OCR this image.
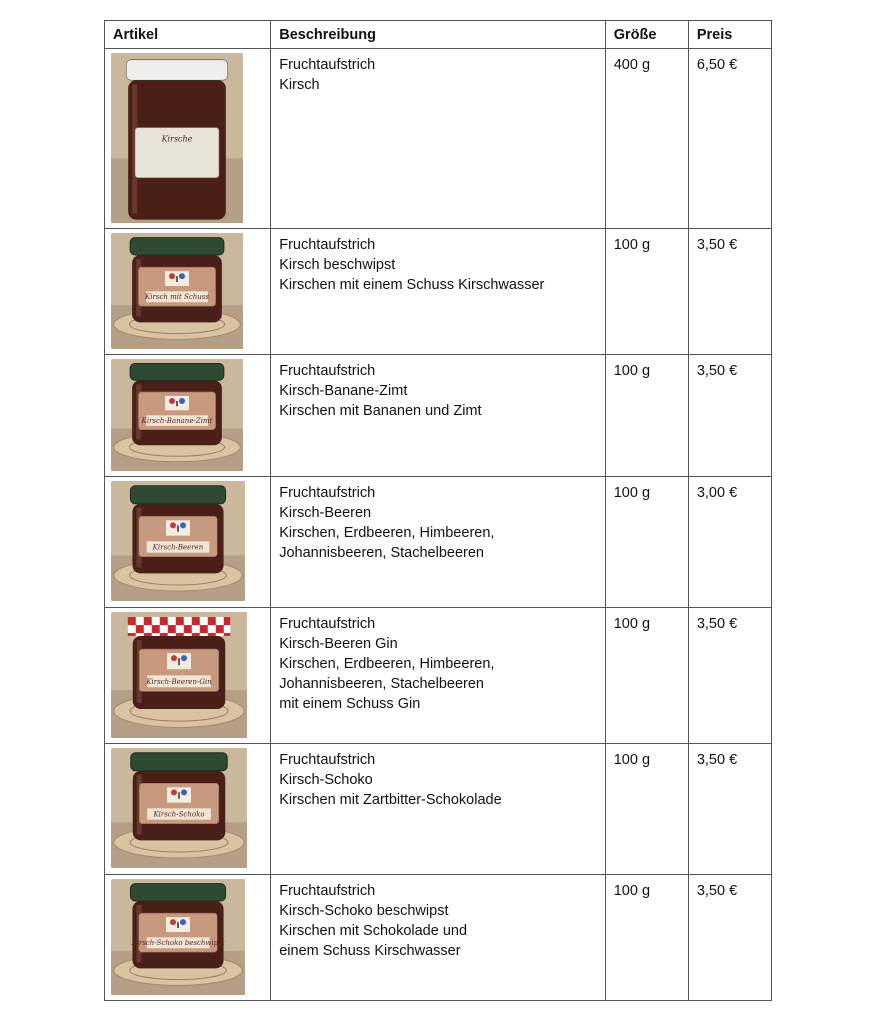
Artikel	Beschreibung	Größe	Preis

Kirsche	Fruchtaufstrich
Kirsch	400 g	6,50 €

Kirsch mit Schuss	Fruchtaufstrich
Kirsch beschwipst
Kirschen mit einem Schuss Kirschwasser	100 g	3,50 €

Kirsch-Banane-Zimt	Fruchtaufstrich
Kirsch-Banane-Zimt
Kirschen mit Bananen und Zimt	100 g	3,50 €

Kirsch-Beeren	Fruchtaufstrich
Kirsch-Beeren
Kirschen, Erdbeeren, Himbeeren,
Johannisbeeren, Stachelbeeren	100 g	3,00 €

Kirsch-Beeren-Gin	Fruchtaufstrich
Kirsch-Beeren Gin
Kirschen, Erdbeeren, Himbeeren,
Johannisbeeren, Stachelbeeren
mit einem Schuss Gin	100 g	3,50 €

Kirsch-Schoko	Fruchtaufstrich
Kirsch-Schoko
Kirschen mit Zartbitter-Schokolade	100 g	3,50 €

Kirsch-Schoko beschwipst	Fruchtaufstrich
Kirsch-Schoko beschwipst
Kirschen mit Schokolade und
einem Schuss Kirschwasser	100 g	3,50 €
